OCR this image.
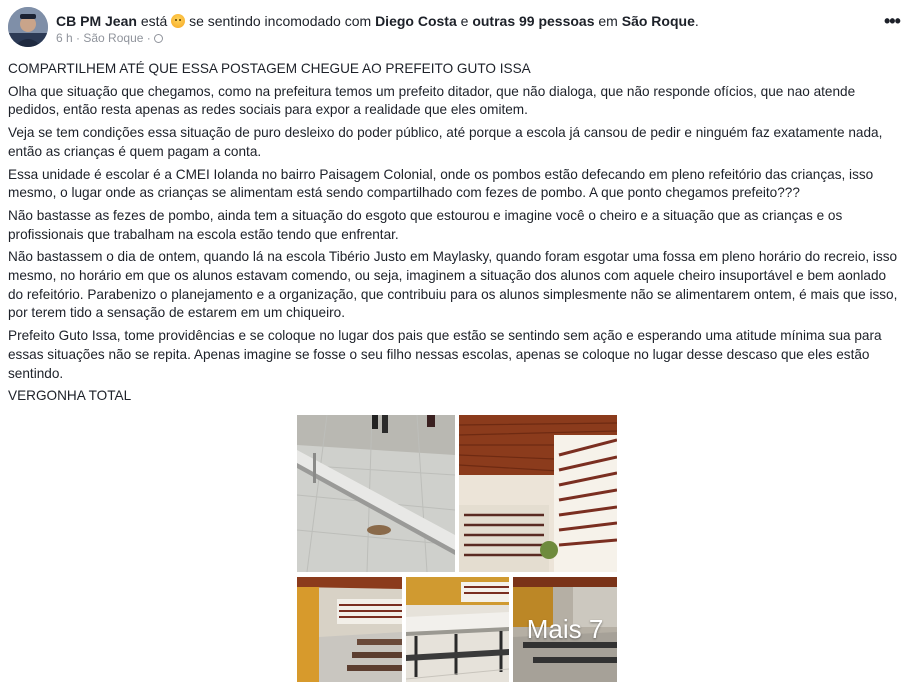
CB PM Jean está se sentindo incomodado com Diego Costa e outras 99 pessoas em São Roque.
6 h · São Roque ·
•••

COMPARTILHEM ATÉ QUE ESSA POSTAGEM CHEGUE AO PREFEITO GUTO ISSA

Olha que situação que chegamos, como na prefeitura temos um prefeito ditador, que não dialoga, que não responde ofícios, que nao atende pedidos, então resta apenas as redes sociais para expor a realidade que eles omitem.

Veja se tem condições essa situação de puro desleixo do poder público, até porque a escola já cansou de pedir e ninguém faz exatamente nada, então as crianças é quem pagam a conta.

Essa unidade é escolar é a CMEI Iolanda no bairro Paisagem Colonial, onde os pombos estão defecando em pleno refeitório das crianças, isso mesmo, o lugar onde as crianças se alimentam está sendo compartilhado com fezes de pombo. A que ponto chegamos prefeito???

Não bastasse as fezes de pombo, ainda tem a situação do esgoto que estourou e imagine você o cheiro e a situação que as crianças e os profissionais que trabalham na escola estão tendo que enfrentar.

Não bastassem o dia de ontem, quando lá na escola Tibério Justo em Maylasky, quando foram esgotar uma fossa em pleno horário do recreio, isso mesmo, no horário em que os alunos estavam comendo, ou seja, imaginem a situação dos alunos com aquele cheiro insuportável e bem aonlado do refeitório. Parabenizo o planejamento e a organização, que contribuiu para os alunos simplesmente não se alimentarem ontem, é mais que isso, por terem tido a sensação de estarem em um chiqueiro.

Prefeito Guto Issa, tome providências e se coloque no lugar dos pais que estão se sentindo sem ação e esperando uma atitude mínima sua para essas situações não se repita. Apenas imagine se fosse o seu filho nessas escolas, apenas se coloque no lugar desse descaso que eles estão sentindo.

VERGONHA TOTAL

Mais 7
